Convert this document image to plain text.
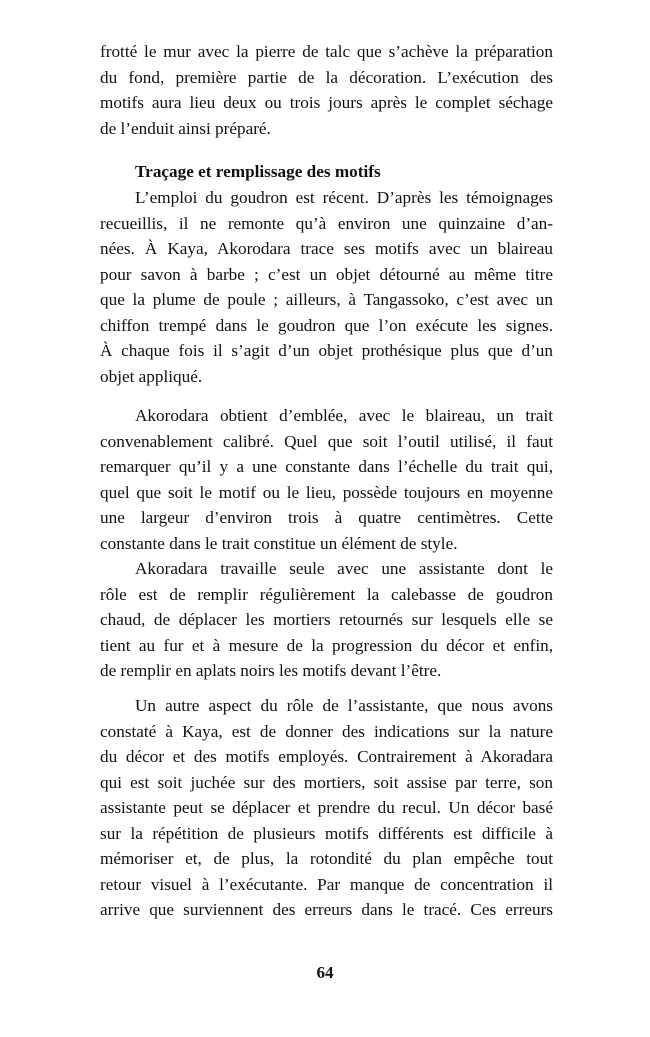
Traçage et remplissage des motifs
frotté le mur avec la pierre de talc que s’achève la préparation
du fond, première partie de la décoration. L’exécution des
motifs aura lieu deux ou trois jours après le complet séchage
de l’enduit ainsi préparé.
L’emploi du goudron est récent. D’après les témoignages
recueillis, il ne remonte qu’à environ une quinzaine d’an-
nées. À Kaya, Akorodara trace ses motifs avec un blaireau
pour savon à barbe ; c’est un objet détourné au même titre
que la plume de poule ; ailleurs, à Tangassoko, c’est avec un
chiffon trempé dans le goudron que l’on exécute les signes.
À chaque fois il s’agit d’un objet prothésique plus que d’un
objet appliqué.
Akorodara obtient d’emblée, avec le blaireau, un trait
convenablement calibré. Quel que soit l’outil utilisé, il faut
remarquer qu’il y a une constante dans l’échelle du trait qui,
quel que soit le motif ou le lieu, possède toujours en moyenne
une largeur d’environ trois à quatre centimètres. Cette
constante dans le trait constitue un élément de style.
Akoradara travaille seule avec une assistante dont le
rôle est de remplir régulièrement la calebasse de goudron
chaud, de déplacer les mortiers retournés sur lesquels elle se
tient au fur et à mesure de la progression du décor et enfin,
de remplir en aplats noirs les motifs devant l’être.
Un autre aspect du rôle de l’assistante, que nous avons
constaté à Kaya, est de donner des indications sur la nature
du décor et des motifs employés. Contrairement à Akoradara
qui est soit juchée sur des mortiers, soit assise par terre, son
assistante peut se déplacer et prendre du recul. Un décor basé
sur la répétition de plusieurs motifs différents est difficile à
mémoriser et, de plus, la rotondité du plan empêche tout
retour visuel à l’exécutante. Par manque de concentration il
arrive que surviennent des erreurs dans le tracé. Ces erreurs
64
